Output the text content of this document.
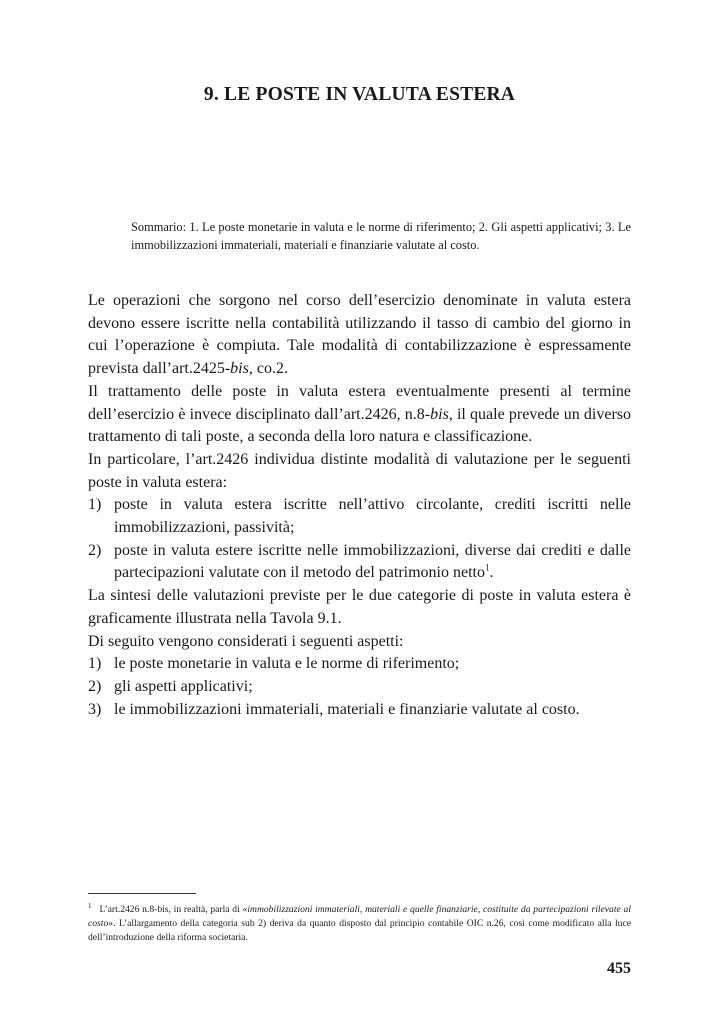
9. LE POSTE IN VALUTA ESTERA
Sommario: 1. Le poste monetarie in valuta e le norme di riferimento; 2. Gli aspetti applicativi; 3. Le immobilizzazioni immateriali, materiali e finanziarie valutate al costo.

Le operazioni che sorgono nel corso dell’esercizio denominate in valuta estera devono essere iscritte nella contabilità utilizzando il tasso di cambio del giorno in cui l’operazione è compiuta. Tale modalità di contabilizzazione è espressamente prevista dall’art.2425-bis, co.2.

Il trattamento delle poste in valuta estera eventualmente presenti al termine dell’esercizio è invece disciplinato dall’art.2426, n.8-bis, il quale prevede un diverso trattamento di tali poste, a seconda della loro natura e classificazione.

In particolare, l’art.2426 individua distinte modalità di valutazione per le seguenti poste in valuta estera:

1) poste in valuta estera iscritte nell’attivo circolante, crediti iscritti nelle immobilizzazioni, passività;
2) poste in valuta estere iscritte nelle immobilizzazioni, diverse dai crediti e dalle partecipazioni valutate con il metodo del patrimonio netto$^1$.

La sintesi delle valutazioni previste per le due categorie di poste in valuta estera è graficamente illustrata nella Tavola 9.1.

Di seguito vengono considerati i seguenti aspetti:

1) le poste monetarie in valuta e le norme di riferimento;
2) gli aspetti applicativi;
3) le immobilizzazioni immateriali, materiali e finanziarie valutate al costo.
$^1$ L’art.2426 n.8-bis, in realtà, parla di «immobilizzazioni immateriali, materiali e quelle finanziarie, costituite da partecipazioni rilevate al costo». L’allargamento della categoria sub 2) deriva da quanto disposto dal principio contabile OIC n.26, così come modificato alla luce dell’introduzione della riforma societaria.
455
